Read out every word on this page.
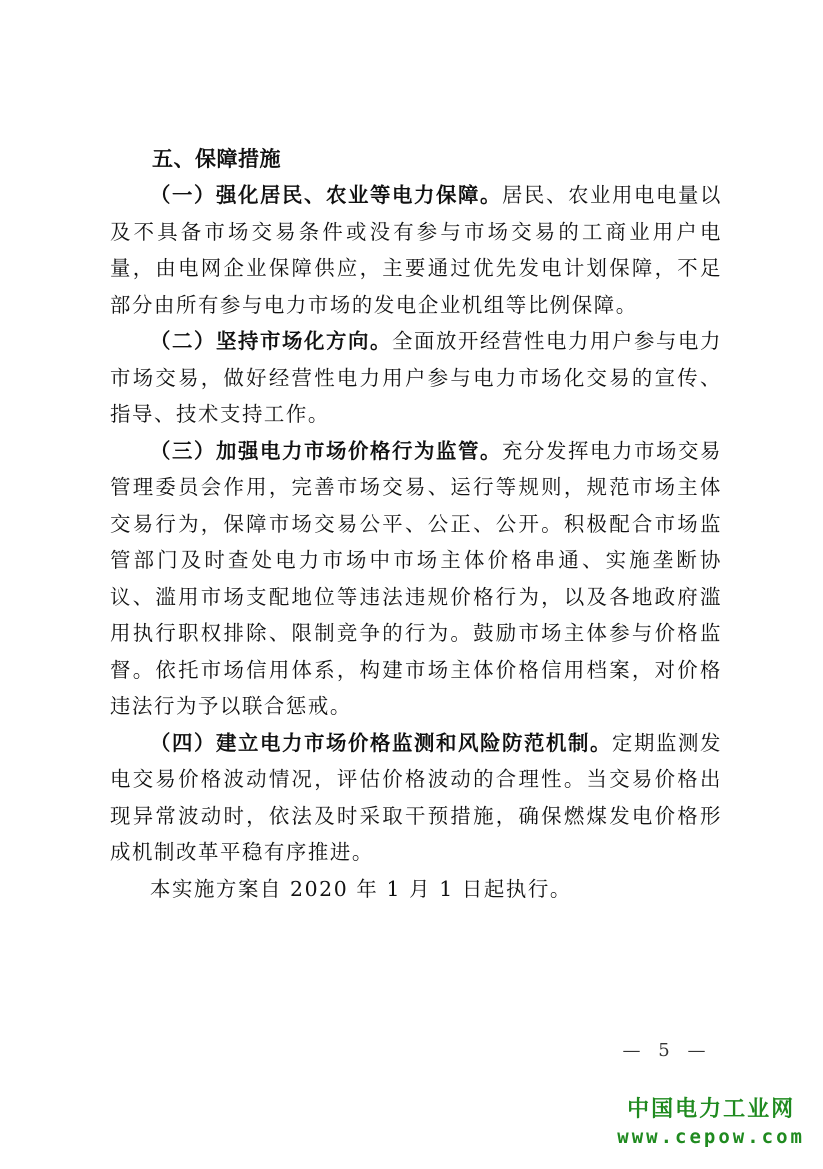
五、保障措施

（一）强化居民、农业等电力保障。居民、农业用电电量以及不具备市场交易条件或没有参与市场交易的工商业用户电量，由电网企业保障供应，主要通过优先发电计划保障，不足部分由所有参与电力市场的发电企业机组等比例保障。

（二）坚持市场化方向。全面放开经营性电力用户参与电力市场交易，做好经营性电力用户参与电力市场化交易的宣传、指导、技术支持工作。

（三）加强电力市场价格行为监管。充分发挥电力市场交易管理委员会作用，完善市场交易、运行等规则，规范市场主体交易行为，保障市场交易公平、公正、公开。积极配合市场监管部门及时查处电力市场中市场主体价格串通、实施垄断协议、滥用市场支配地位等违法违规价格行为，以及各地政府滥用执行职权排除、限制竞争的行为。鼓励市场主体参与价格监督。依托市场信用体系，构建市场主体价格信用档案，对价格违法行为予以联合惩戒。

（四）建立电力市场价格监测和风险防范机制。定期监测发电交易价格波动情况，评估价格波动的合理性。当交易价格出现异常波动时，依法及时采取干预措施，确保燃煤发电价格形成机制改革平稳有序推进。

本实施方案自 2020 年 1 月 1 日起执行。

— 5 —
中国电力工业网
www.cepow.com
